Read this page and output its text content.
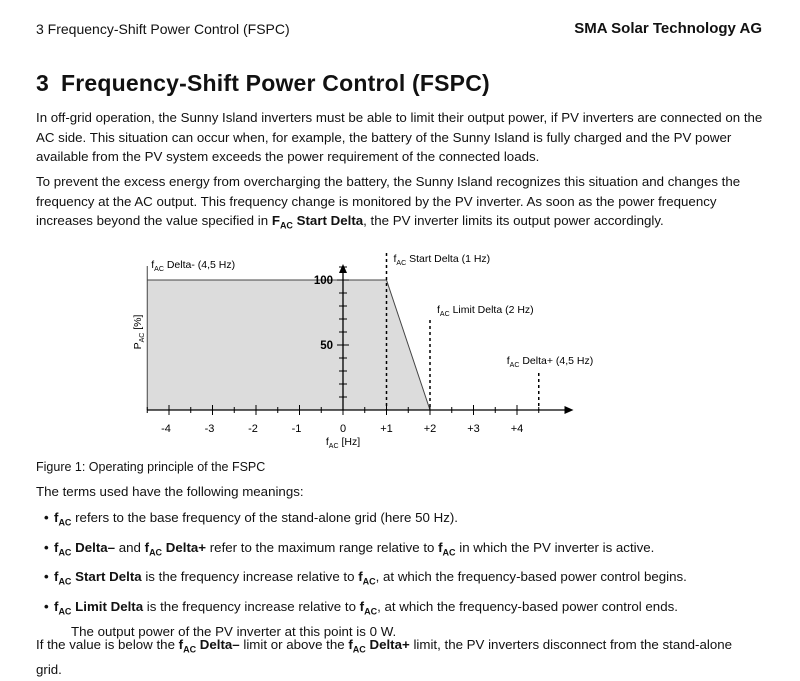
3 Frequency-Shift Power Control (FSPC)	SMA Solar Technology AG
3 Frequency-Shift Power Control (FSPC)
In off-grid operation, the Sunny Island inverters must be able to limit their output power, if PV inverters are connected on the AC side. This situation can occur when, for example, the battery of the Sunny Island is fully charged and the PV power available from the PV system exceeds the power requirement of the connected loads.
To prevent the excess energy from overcharging the battery, the Sunny Island recognizes this situation and changes the frequency at the AC output. This frequency change is monitored by the PV inverter. As soon as the power frequency increases beyond the value specified in $F_{AC}$ Start Delta, the PV inverter limits its output power accordingly.
-4	-3	-2	-1	0	+1	+2	+3	+4
100
50
$f_{AC}$ Delta- (4,5 Hz)	$f_{AC}$ Start Delta (1 Hz)
$f_{AC}$ Limit Delta (2 Hz)
$f_{AC}$ Delta+ (4,5 Hz)
$f_{AC}$ [Hz]
$P_{AC}$ [%]
Figure 1: Operating principle of the FSPC
The terms used have the following meanings:
• $f_{AC}$ refers to the base frequency of the stand-alone grid (here 50 Hz).
• $f_{AC}$ Delta– and $f_{AC}$ Delta+ refer to the maximum range relative to $f_{AC}$ in which the PV inverter is active.
• $f_{AC}$ Start Delta is the frequency increase relative to $f_{AC}$, at which the frequency-based power control begins.
• $f_{AC}$ Limit Delta is the frequency increase relative to $f_{AC}$, at which the frequency-based power control ends.
The output power of the PV inverter at this point is 0 W.
If the value is below the $f_{AC}$ Delta– limit or above the $f_{AC}$ Delta+ limit, the PV inverters disconnect from the stand-alone grid.
